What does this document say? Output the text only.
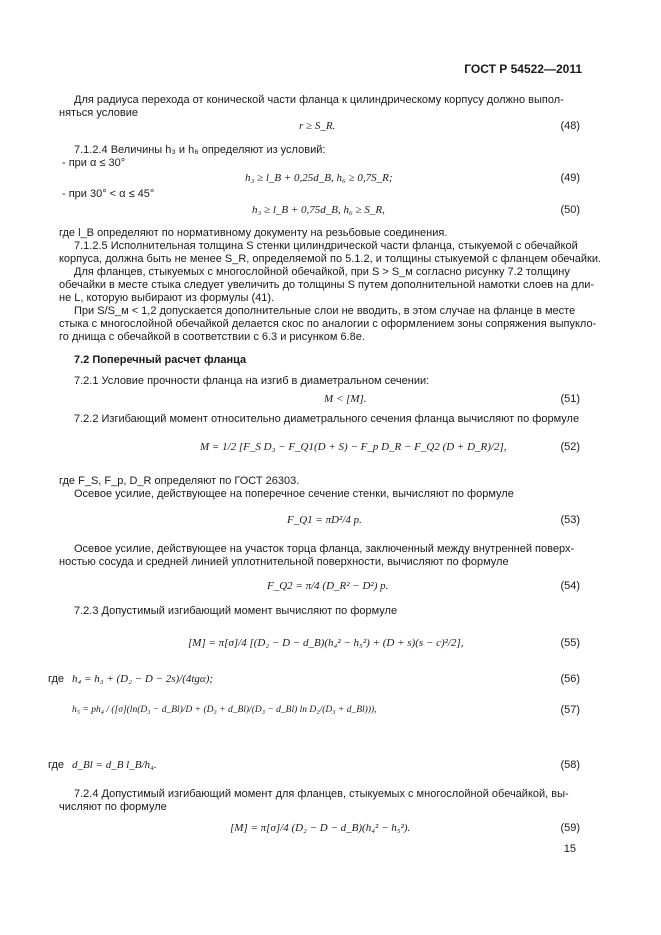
ГОСТ Р 54522—2011
Для радиуса перехода от конической части фланца к цилиндрическому корпусу должно выпол-
няться условие
r ≥ S_R.	(48)
7.1.2.4 Величины h₃ и h₆ определяют из условий:
- при α ≤ 30°
h₃ ≥ l_B + 0,25d_B, h₆ ≥ 0,7S_R;	(49)
- при 30° < α ≤ 45°
h₃ ≥ l_B + 0,75d_B, h₆ ≥ S_R,	(50)
где l_B определяют по нормативному документу на резьбовые соединения.
7.1.2.5 Исполнительная толщина S стенки цилиндрической части фланца, стыкуемой с обечайкой
корпуса, должна быть не менее S_R, определяемой по 5.1.2, и толщины стыкуемой с фланцем обечайки.
Для фланцев, стыкуемых с многослойной обечайкой, при S > S_м согласно рисунку 7.2 толщину
обечайки в месте стыка следует увеличить до толщины S путем дополнительной намотки слоев на дли-
не L, которую выбирают из формулы (41).
При S/S_м < 1,2 допускается дополнительные слои не вводить, в этом случае на фланце в месте
стыка с многослойной обечайкой делается скос по аналогии с оформлением зоны сопряжения выпукло-
го днища с обечайкой в соответствии с 6.3 и рисунком 6.8е.
7.2 Поперечный расчет фланца
7.2.1 Условие прочности фланца на изгиб в диаметральном сечении:
M < [M].	(51)
7.2.2 Изгибающий момент относительно диаметрального сечения фланца вычисляют по формуле
M = 1/2 [F_S D₃ − F_Q1(D + S) − F_p D_R − F_Q2 (D + D_R)/2],	(52)
где F_S, F_p, D_R определяют по ГОСТ 26303.
Осевое усилие, действующее на поперечное сечение стенки, вычисляют по формуле
F_Q1 = πD²/4 p.	(53)
Осевое усилие, действующее на участок торца фланца, заключенный между внутренней поверх-
ностью сосуда и средней линией уплотнительной поверхности, вычисляют по формуле
F_Q2 = π/4 (D_R² − D²) p.	(54)
7.2.3 Допустимый изгибающий момент вычисляют по формуле
[M] = π[σ]/4 [(D₂ − D − d_B)(h₄² − h₅²) + (D + s)(s − c)²/2],	(55)
где h₄ = h₃ + (D₂ − D − 2s)/(4tgα);	(56)
h₅ = ph₄ / ([σ](ln(D₃ − d_Bl)/D + (D₃ + d_Bl)/(D₃ − d_Bl) ln D₂/(D₃ + d_Bl))),	(57)
где d_Bl = d_B l_B/h₄.	(58)
7.2.4 Допустимый изгибающий момент для фланцев, стыкуемых с многослойной обечайкой, вы-
числяют по формуле
[M] = π[σ]/4 (D₂ − D − d_B)(h₄² − h₅²).	(59)
15
